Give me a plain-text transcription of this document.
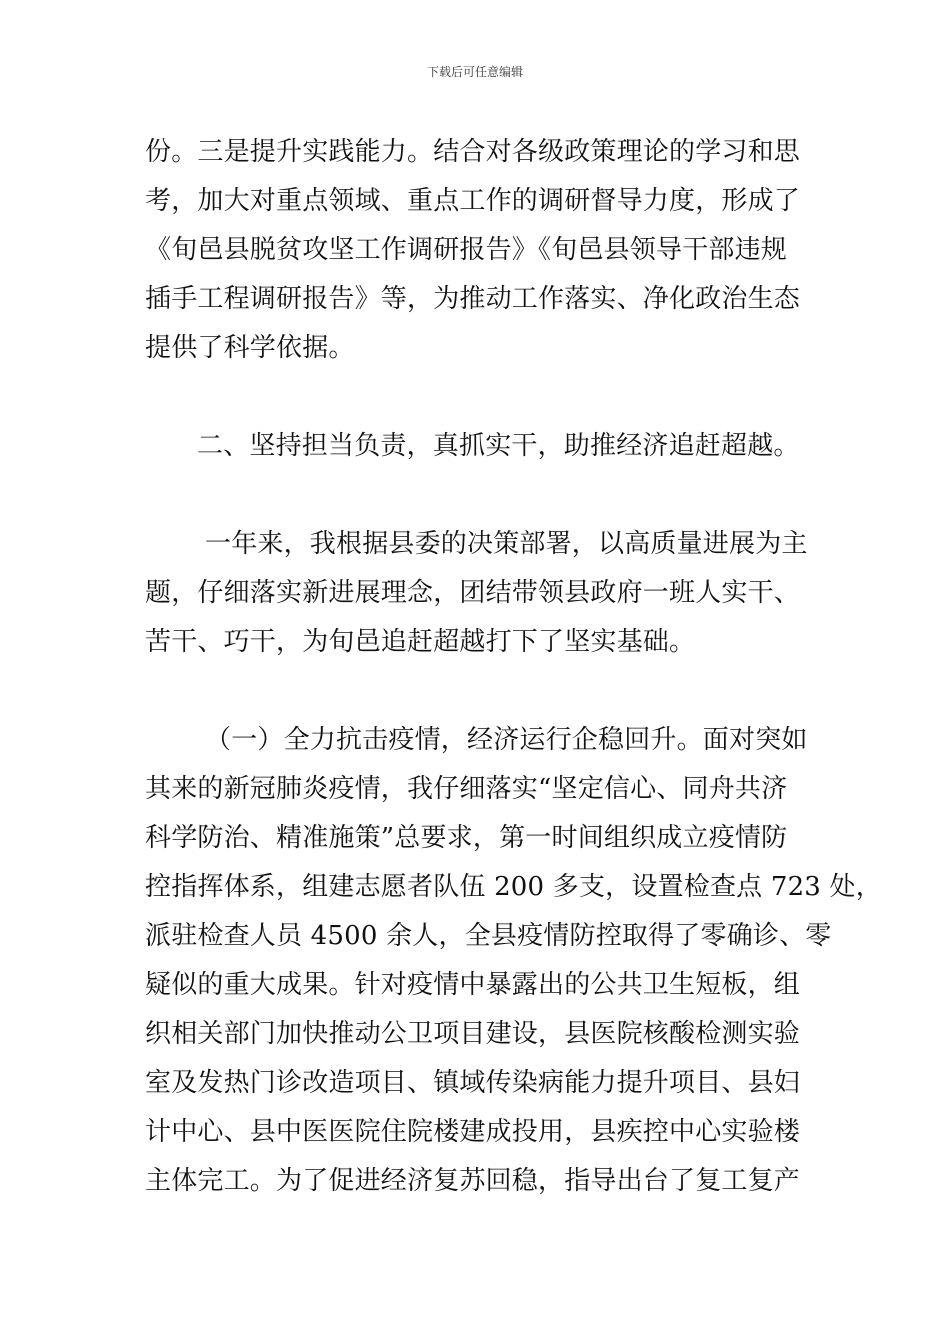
下载后可任意编辑
份。三是提升实践能力。结合对各级政策理论的学习和思
考，加大对重点领域、重点工作的调研督导力度，形成了
《旬邑县脱贫攻坚工作调研报告》《旬邑县领导干部违规
插手工程调研报告》等，为推动工作落实、净化政治生态
提供了科学依据。
二、坚持担当负责，真抓实干，助推经济追赶超越。
一年来，我根据县委的决策部署，以高质量进展为主
题，仔细落实新进展理念，团结带领县政府一班人实干、
苦干、巧干，为旬邑追赶超越打下了坚实基础。
（一）全力抗击疫情，经济运行企稳回升。面对突如
其来的新冠肺炎疫情，我仔细落实“坚定信心、同舟共济
科学防治、精准施策”总要求，第一时间组织成立疫情防
控指挥体系，组建志愿者队伍 200 多支，设置检查点 723 处，
派驻检查人员 4500 余人，全县疫情防控取得了零确诊、零
疑似的重大成果。针对疫情中暴露出的公共卫生短板，组
织相关部门加快推动公卫项目建设，县医院核酸检测实验
室及发热门诊改造项目、镇域传染病能力提升项目、县妇
计中心、县中医医院住院楼建成投用，县疾控中心实验楼
主体完工。为了促进经济复苏回稳，指导出台了复工复产
